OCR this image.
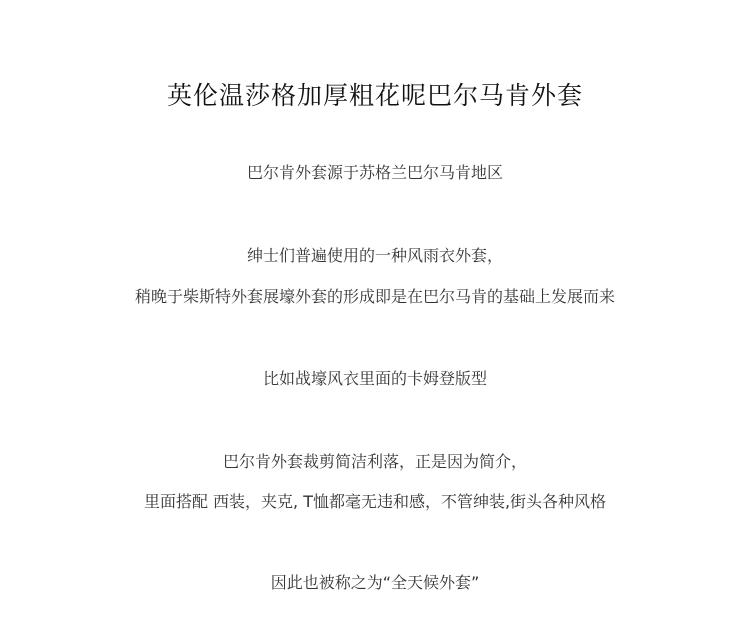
英伦温莎格加厚粗花呢巴尔马肯外套
巴尔肯外套源于苏格兰巴尔马肯地区
绅士们普遍使用的一种风雨衣外套，
稍晚于柴斯特外套展壕外套的形成即是在巴尔马肯的基础上发展而来
比如战壕风衣里面的卡姆登版型
巴尔肯外套裁剪简洁利落，正是因为简介，
里面搭配 西装，夹克, T恤都毫无违和感，不管绅装,街头各种风格
因此也被称之为“全天候外套”
